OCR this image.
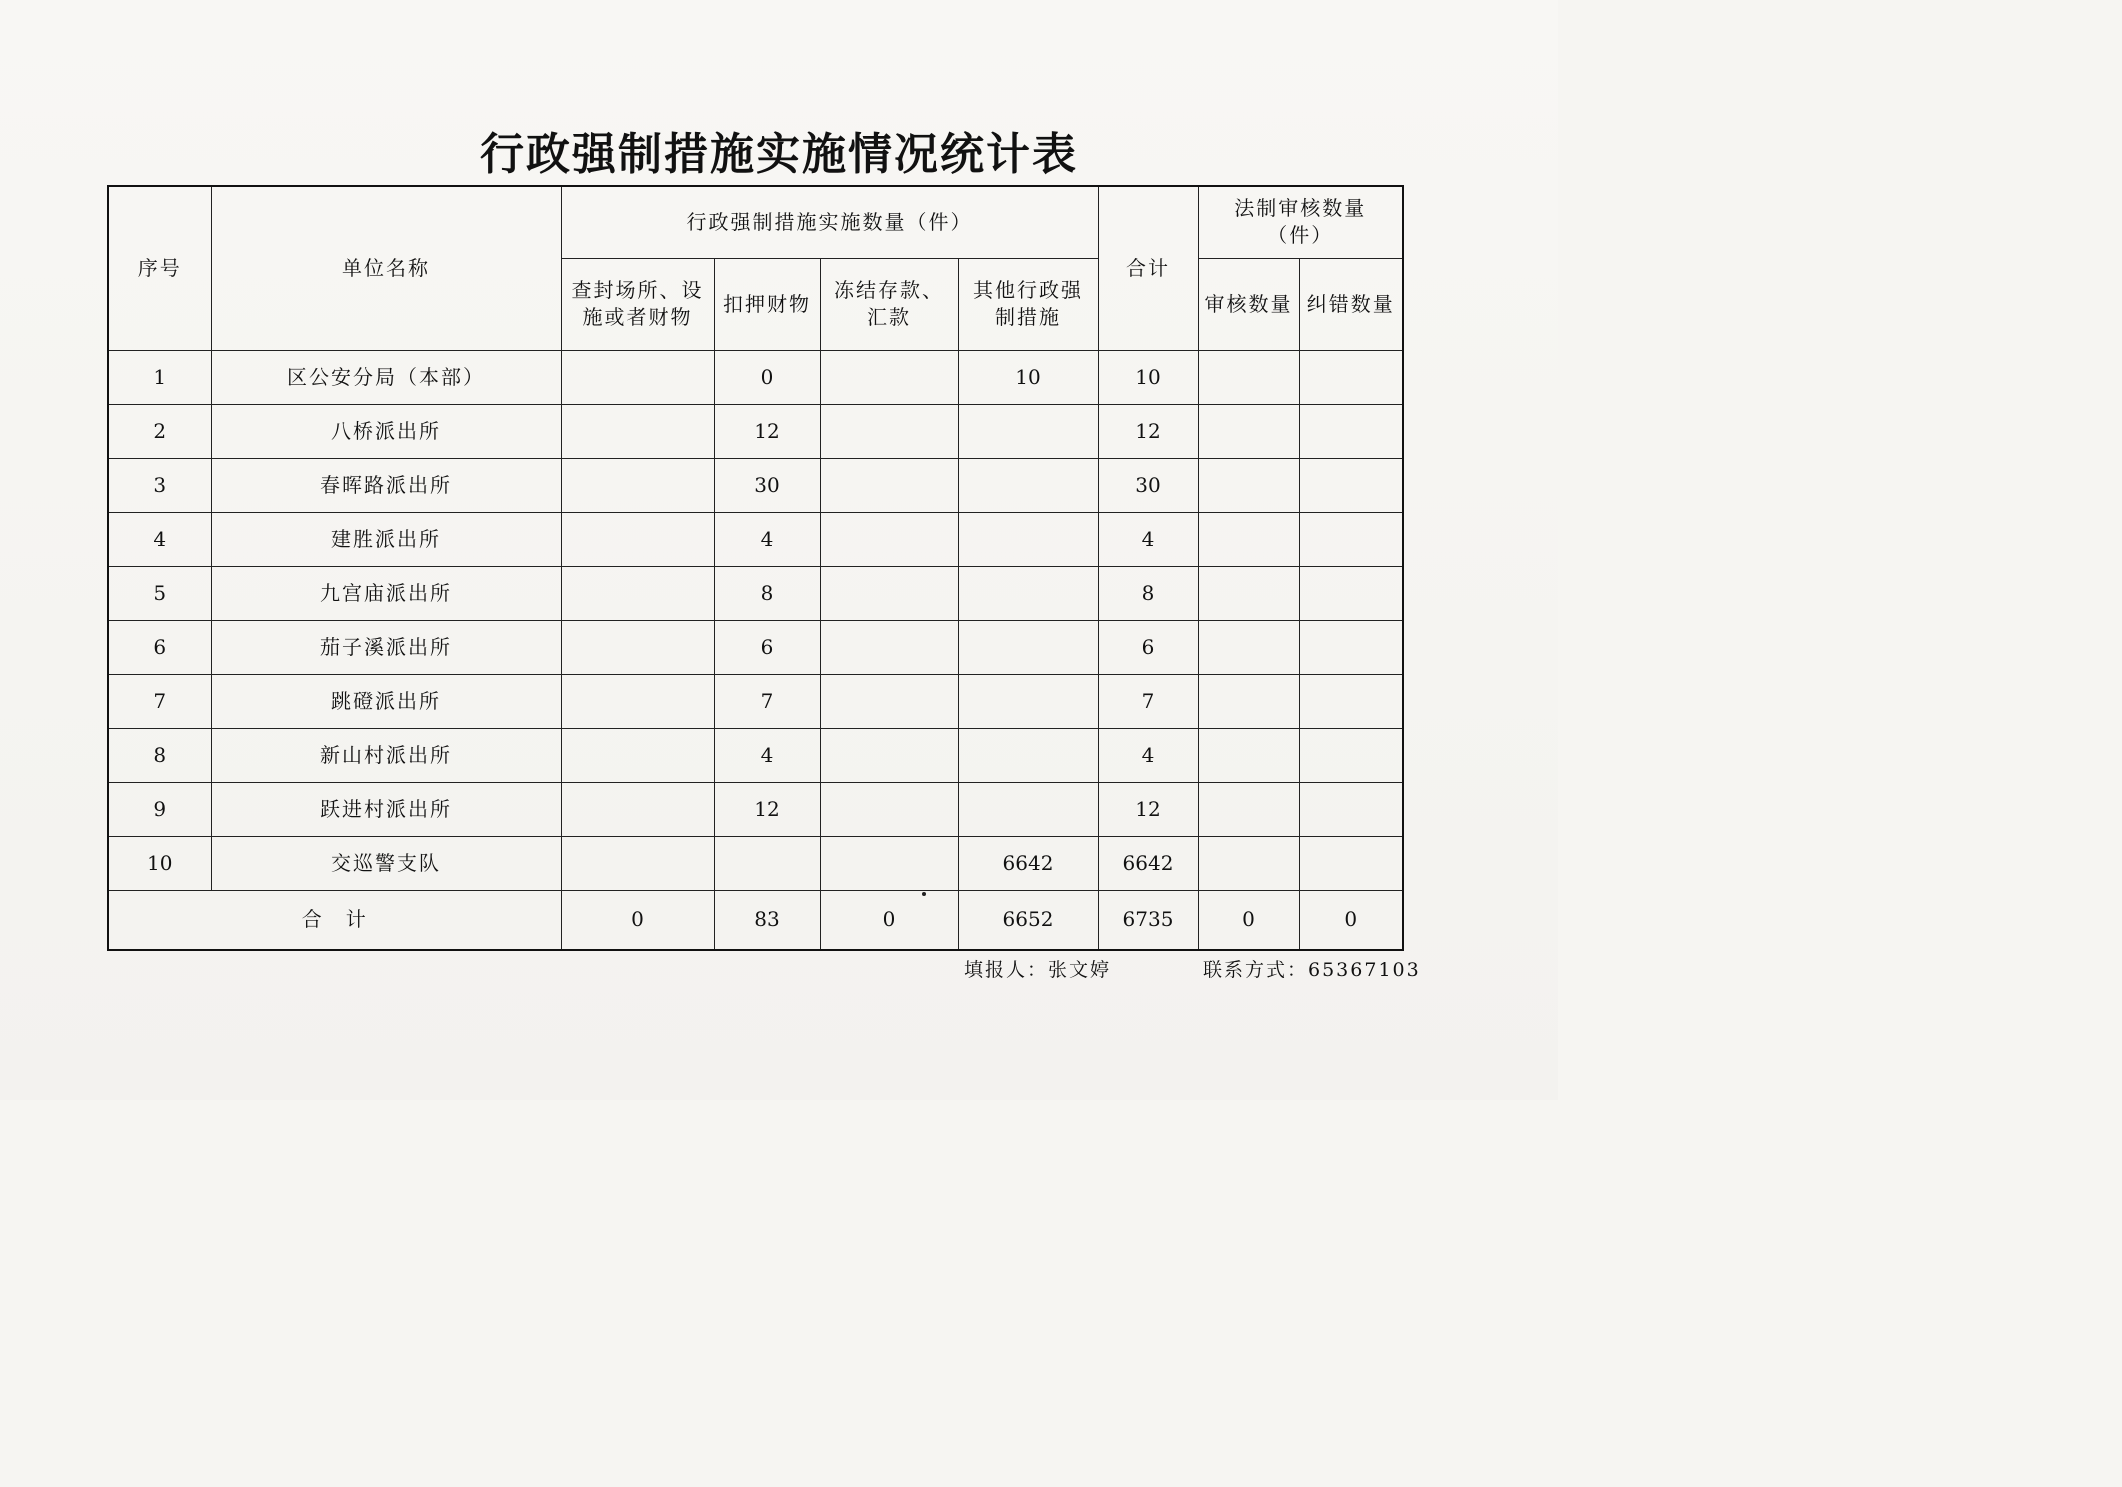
行政强制措施实施情况统计表
序号	单位名称	行政强制措施实施数量（件）				合计	法制审核数量（件）	
		查封场所、设施或者财物	扣押财物	冻结存款、汇款	其他行政强制措施		审核数量	纠错数量
1	区公安分局（本部）		0		10	10		
2	八桥派出所		12			12		
3	春晖路派出所		30			30		
4	建胜派出所		4			4		
5	九宫庙派出所		8			8		
6	茄子溪派出所		6			6		
7	跳磴派出所		7			7		
8	新山村派出所		4			4		
9	跃进村派出所		12			12		
10	交巡警支队				6642	6642		
合　计		0	83	0	6652	6735	0	0
填报人：张文婷	联系方式：65367103
